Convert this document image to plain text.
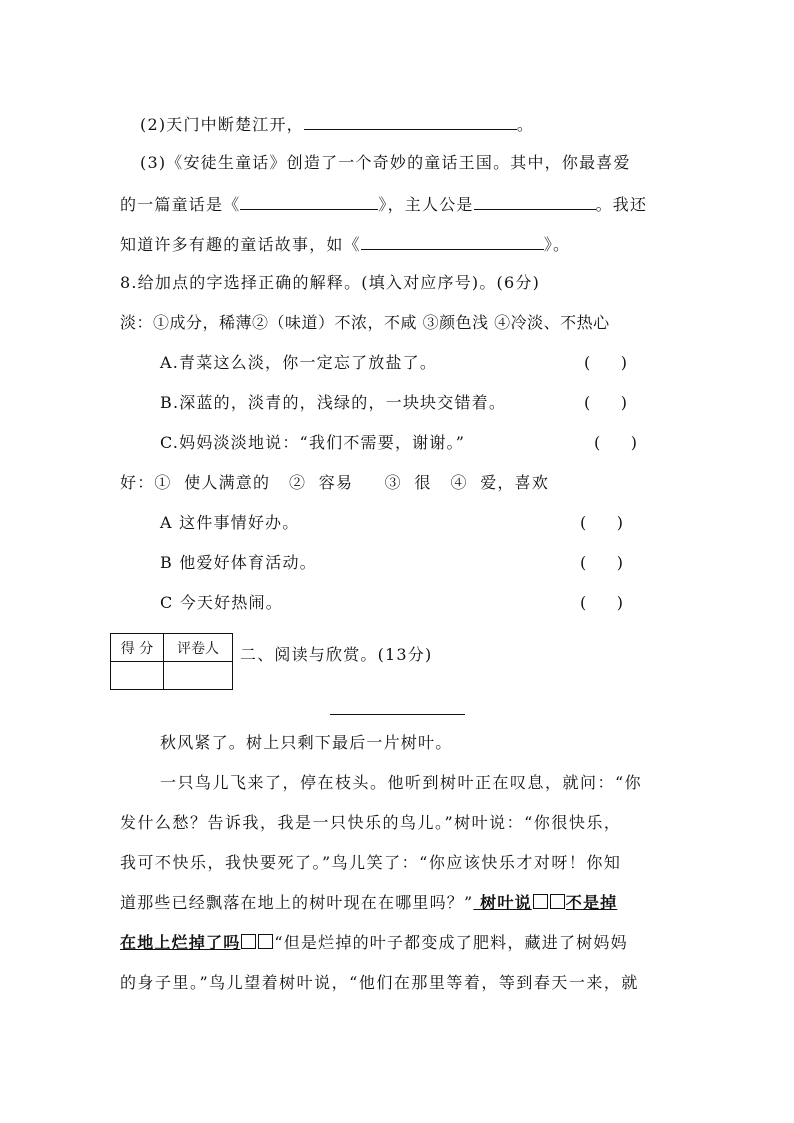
(2)天门中断楚江开，	。
(3)《安徒生童话》创造了一个奇妙的童话王国。其中，你最喜爱
的一篇童话是《	》，主人公是	。我还
知道许多有趣的童话故事，如《	》。
8.给加点的字选择正确的解释。(填入对应序号)。(6分)
淡：①成分，稀薄②（味道）不浓，不咸 ③颜色浅 ④冷淡、不热心
A.青菜这么淡，你一定忘了放盐了。	(      )
B.深蓝的，淡青的，浅绿的，一块块交错着。	(      )
C.妈妈淡淡地说：“我们不需要，谢谢。”	(      )
好：①  使人满意的   ②  容易     ③  很   ④  爱，喜欢
A 这件事情好办。	(      )
B 他爱好体育活动。	(      )
C 今天好热闹。	(      )
得 分	评卷人
	二、阅读与欣赏。(13分)
秋风紧了。树上只剩下最后一片树叶。
一只鸟儿飞来了，停在枝头。他听到树叶正在叹息，就问：“你
发什么愁？告诉我，我是一只快乐的鸟儿。”树叶说：“你很快乐，
我可不快乐，我快要死了。”鸟儿笑了：“你应该快乐才对呀！你知
道那些已经飘落在地上的树叶现在在哪里吗？” 树叶说 不是掉
在地上烂掉了吗 “但是烂掉的叶子都变成了肥料，藏进了树妈妈
的身子里。”鸟儿望着树叶说，“他们在那里等着，等到春天一来，就
